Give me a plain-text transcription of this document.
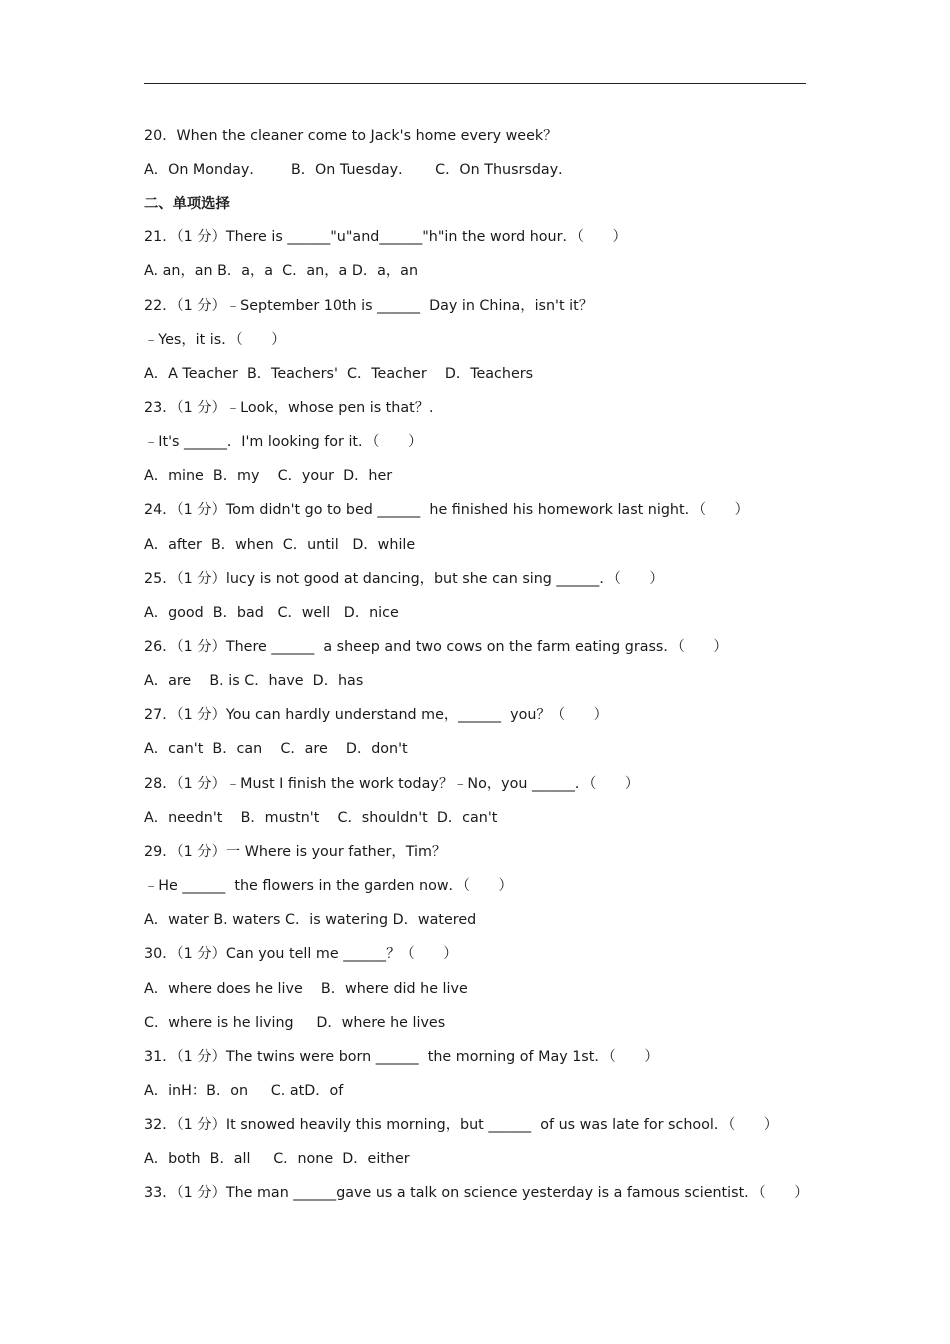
20．When the cleaner come to Jack's home every week？
A．On Monday．      B．On Tuesday．     C．On Thusrsday．
二、单项选择
21．（1 分）There is ______"u"and______"h"in the word hour．（　　）
A. an，an B．a，a  C．an，a D．a，an
22．（1 分）﹣September 10th is ______  Day in China，isn't it？
﹣Yes，it is．（　　）
A．A Teacher  B．Teachers'  C．Teacher    D．Teachers
23．（1 分）﹣Look，whose pen is that？.
﹣It's ______．I'm looking for it．（　　）
A．mine  B．my    C．your  D．her
24．（1 分）Tom didn't go to bed ______  he finished his homework last night．（　　）
A．after  B．when  C．until   D．while
25．（1 分）lucy is not good at dancing，but she can sing ______．（　　）
A．good  B．bad   C．well   D．nice
26．（1 分）There ______  a sheep and two cows on the farm eating grass．（　　）
A．are    B. is C．have  D．has
27．（1 分）You can hardly understand me，______  you？（　　）
A．can't  B．can    C．are    D．don't
28．（1 分）﹣Must I finish the work today？﹣No，you ______．（　　）
A．needn't    B．mustn't    C．shouldn't  D．can't
29．（1 分）一 Where is your father，Tim？
﹣He ______  the flowers in the garden now．（　　）
A．water B. waters C．is watering D．watered
30．（1 分）Can you tell me ______？（　　）
A．where does he live    B．where did he live
C．where is he living     D．where he lives
31．（1 分）The twins were born ______  the morning of May 1st．（　　）
A．inH：B．on     C. atD．of
32．（1 分）It snowed heavily this morning，but ______  of us was late for school．（　　）
A．both  B．all     C．none  D．either
33．（1 分）The man ______gave us a talk on science yesterday is a famous scientist．（　　）
